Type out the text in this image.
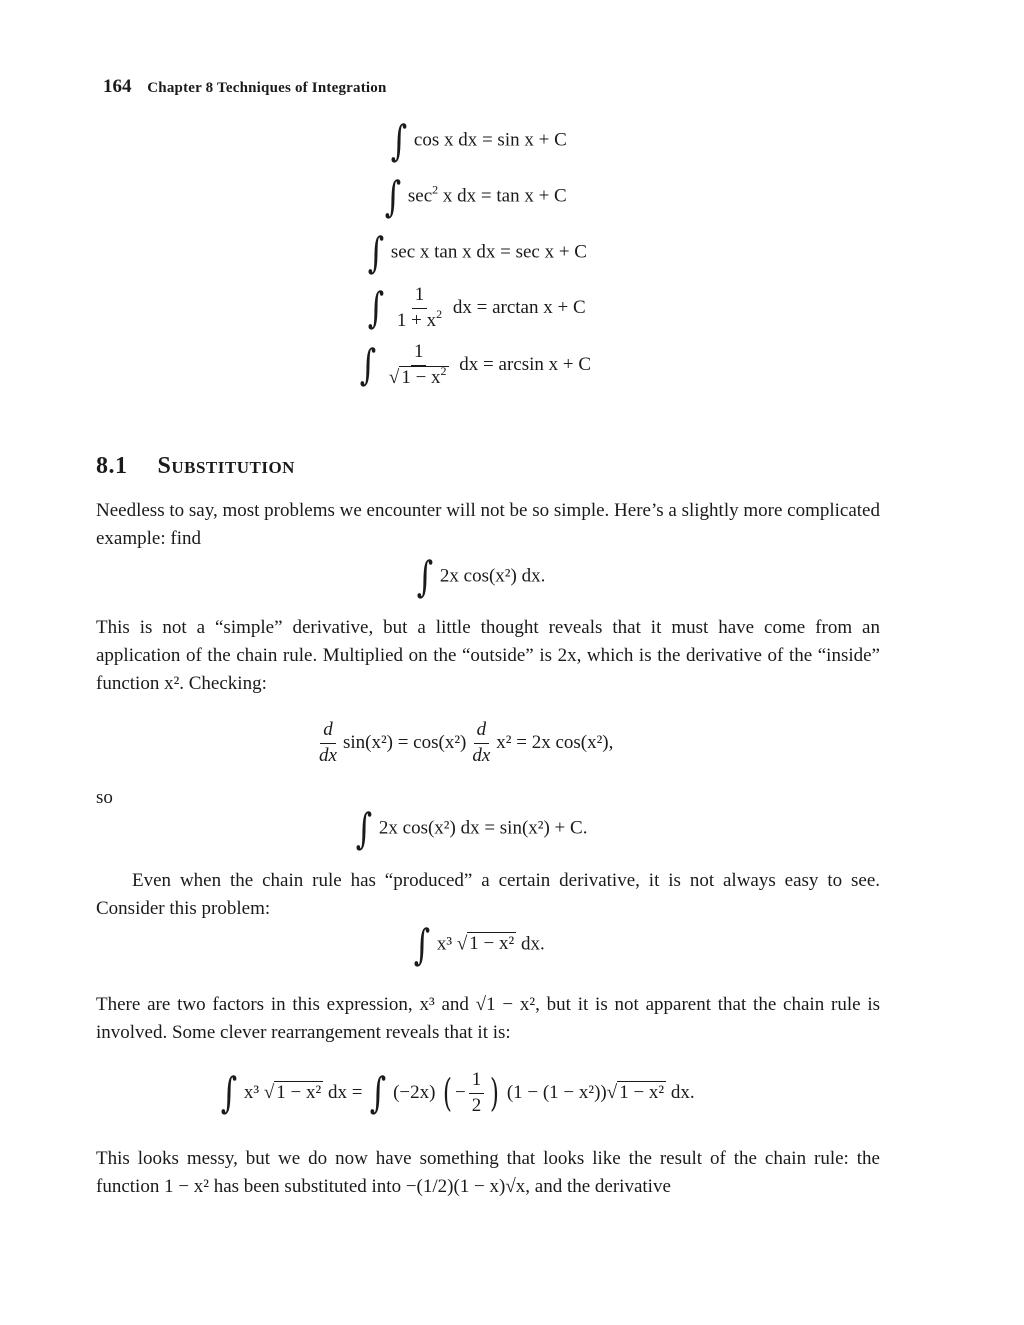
164 Chapter 8 Techniques of Integration
∫ cos x dx = sin x + C
∫ $\sec^2 x$ dx = tan x + C
∫ sec x tan x dx = sec x + C
∫ $\frac{1}{1 + x^2}$ dx = arctan x + C
∫ $\frac{1}{√ 1 - x^2}$ dx = arcsin x + C
8.1 Substitution

Needless to say, most problems we encounter will not be so simple. Here’s a slightly more complicated example: find

∫ 2x cos(x²) dx.

This is not a “simple” derivative, but a little thought reveals that it must have come from an application of the chain rule. Multiplied on the “outside” is 2x, which is the derivative of the “inside” function x². Checking:

$\frac{d}{dx} \sin(x^2) = \cos(x^2) \frac{d}{dx} x^2 = 2x$ cos(x²),

so

∫ 2x cos(x²) dx = sin(x²) + C.

Even when the chain rule has “produced” a certain derivative, it is not always easy to see. Consider this problem:

∫ x³ √ 1 − x² dx.

There are two factors in this expression, x³ and √1 − x², but it is not apparent that the chain rule is involved. Some clever rearrangement reveals that it is:

∫ x³ √ 1 − x² dx = ∫ (−2x) ( − $\frac{1}{2}$ ) (1 − (1 − x²))√ 1 − x² dx.

This looks messy, but we do now have something that looks like the result of the chain rule: the function 1 − x² has been substituted into −(1/2)(1 − x)√x, and the derivative
